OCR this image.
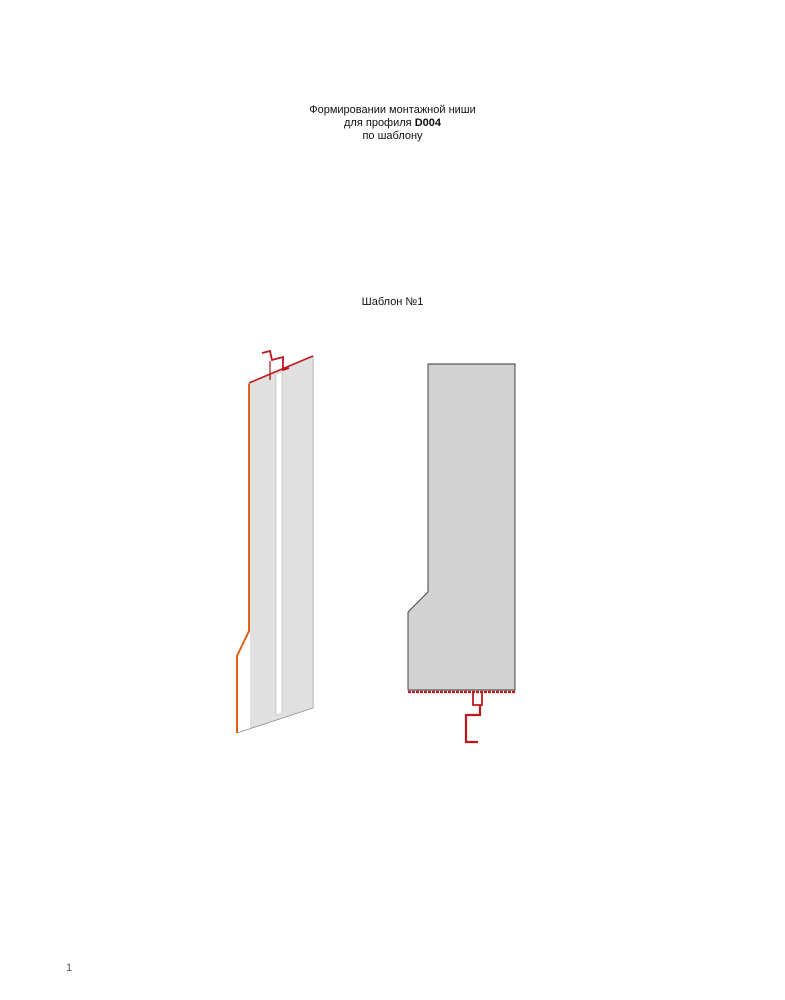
Формировании монтажной ниши
для профиля D004
по шаблону
Шаблон №1
1
